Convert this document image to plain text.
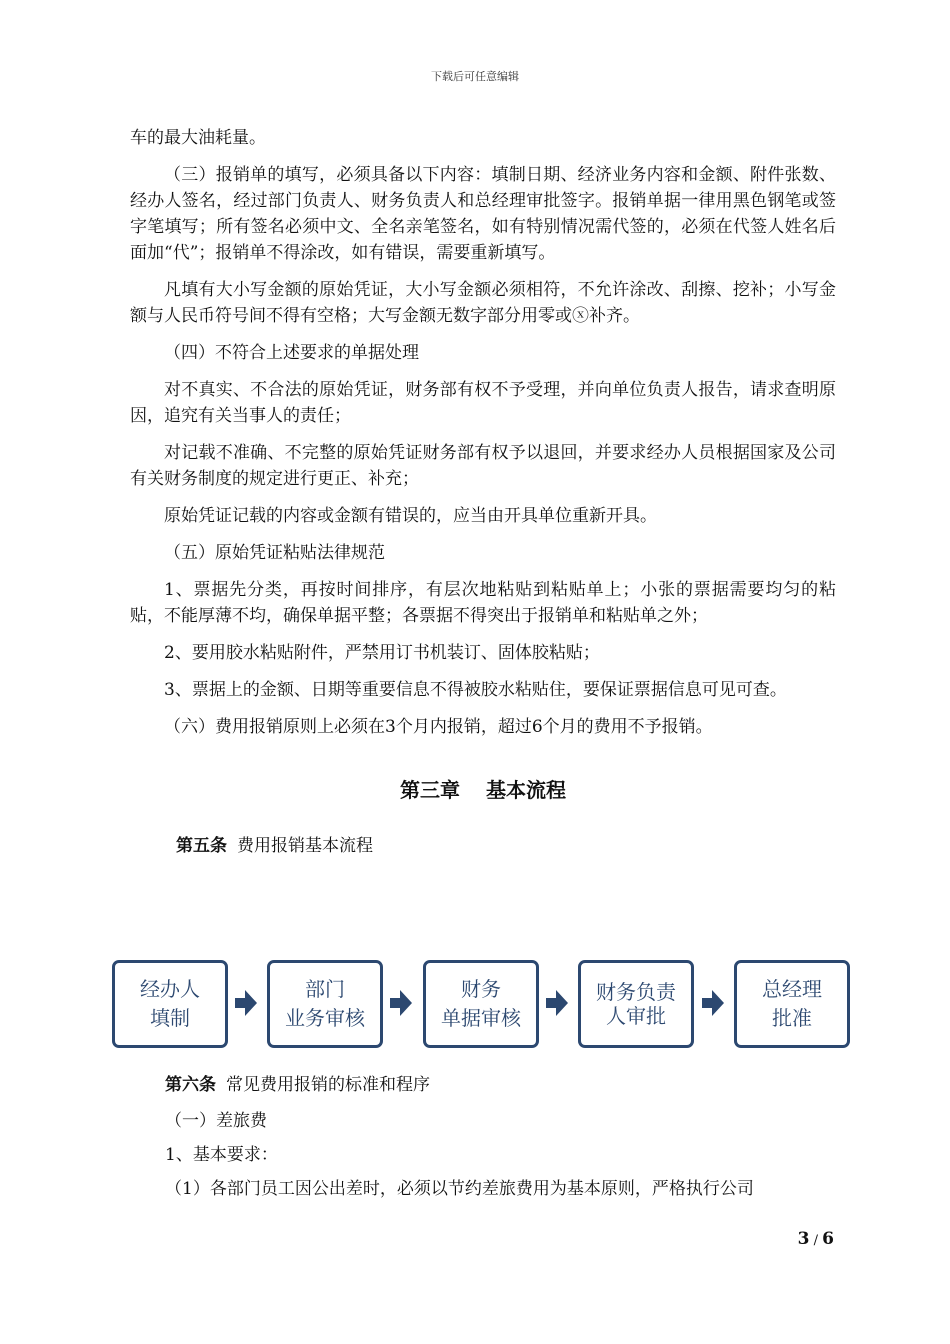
下载后可任意编辑

车的最大油耗量。

（三）报销单的填写，必须具备以下内容：填制日期、经济业务内容和金额、附件张数、经办人签名，经过部门负责人、财务负责人和总经理审批签字。报销单据一律用黑色钢笔或签字笔填写；所有签名必须中文、全名亲笔签名，如有特别情况需代签的，必须在代签人姓名后面加“代”；报销单不得涂改，如有错误，需要重新填写。

凡填有大小写金额的原始凭证，大小写金额必须相符，不允许涂改、刮擦、挖补；小写金额与人民币符号间不得有空格；大写金额无数字部分用零或ⓧ补齐。

（四）不符合上述要求的单据处理

对不真实、不合法的原始凭证，财务部有权不予受理，并向单位负责人报告，请求查明原因，追究有关当事人的责任；

对记载不准确、不完整的原始凭证财务部有权予以退回，并要求经办人员根据国家及公司有关财务制度的规定进行更正、补充；

原始凭证记载的内容或金额有错误的，应当由开具单位重新开具。

（五）原始凭证粘贴法律规范

1、票据先分类，再按时间排序，有层次地粘贴到粘贴单上；小张的票据需要均匀的粘贴，不能厚薄不均，确保单据平整；各票据不得突出于报销单和粘贴单之外；

2、要用胶水粘贴附件，严禁用订书机装订、固体胶粘贴；

3、票据上的金额、日期等重要信息不得被胶水粘贴住，要保证票据信息可见可查。

（六）费用报销原则上必须在3个月内报销，超过6个月的费用不予报销。

第三章 基本流程
第五条 费用报销基本流程
经办人
填制
部门
业务审核
财务
单据审核
财务负责
人审批
总经理
批准
第六条 常见费用报销的标准和程序

（一）差旅费

1、基本要求：

（1）各部门员工因公出差时，必须以节约差旅费用为基本原则，严格执行公司

3 / 6
